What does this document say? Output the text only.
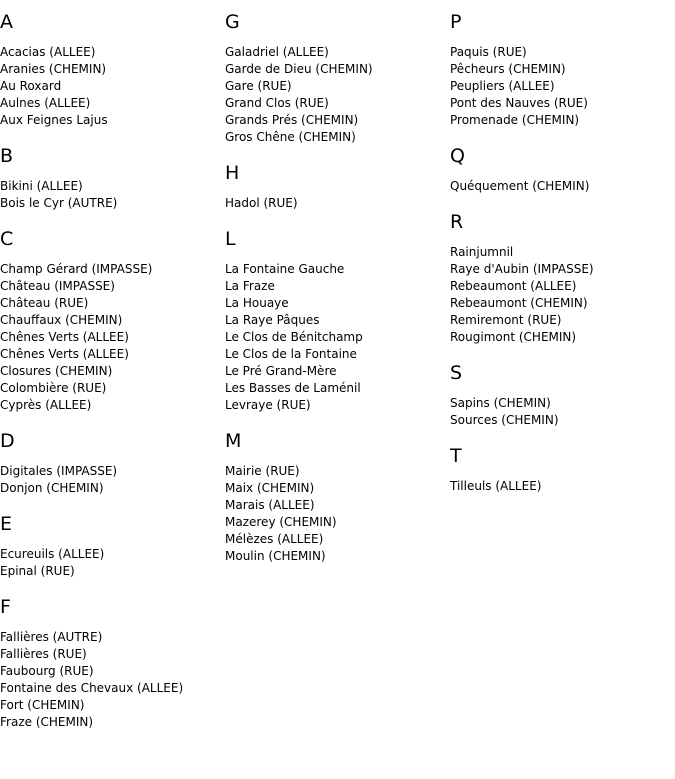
A
Acacias (ALLEE)
Aranies (CHEMIN)
Au Roxard
Aulnes (ALLEE)
Aux Feignes Lajus
B
Bikini (ALLEE)
Bois le Cyr (AUTRE)
C
Champ Gérard (IMPASSE)
Château (IMPASSE)
Château (RUE)
Chauffaux (CHEMIN)
Chênes Verts (ALLEE)
Chênes Verts (ALLEE)
Closures (CHEMIN)
Colombière (RUE)
Cyprès (ALLEE)
D
Digitales (IMPASSE)
Donjon (CHEMIN)
E
Ecureuils (ALLEE)
Epinal (RUE)
F
Fallières (AUTRE)
Fallières (RUE)
Faubourg (RUE)
Fontaine des Chevaux (ALLEE)
Fort (CHEMIN)
Fraze (CHEMIN)
G
Galadriel (ALLEE)
Garde de Dieu (CHEMIN)
Gare (RUE)
Grand Clos (RUE)
Grands Prés (CHEMIN)
Gros Chêne (CHEMIN)
H
Hadol (RUE)
L
La Fontaine Gauche
La Fraze
La Houaye
La Raye Pâques
Le Clos de Bénitchamp
Le Clos de la Fontaine
Le Pré Grand-Mère
Les Basses de Laménil
Levraye (RUE)
M
Mairie (RUE)
Maix (CHEMIN)
Marais (ALLEE)
Mazerey (CHEMIN)
Mélèzes (ALLEE)
Moulin (CHEMIN)
P
Paquis (RUE)
Pêcheurs (CHEMIN)
Peupliers (ALLEE)
Pont des Nauves (RUE)
Promenade (CHEMIN)
Q
Quéquement (CHEMIN)
R
Rainjumnil
Raye d'Aubin (IMPASSE)
Rebeaumont (ALLEE)
Rebeaumont (CHEMIN)
Remiremont (RUE)
Rougimont (CHEMIN)
S
Sapins (CHEMIN)
Sources (CHEMIN)
T
Tilleuls (ALLEE)
